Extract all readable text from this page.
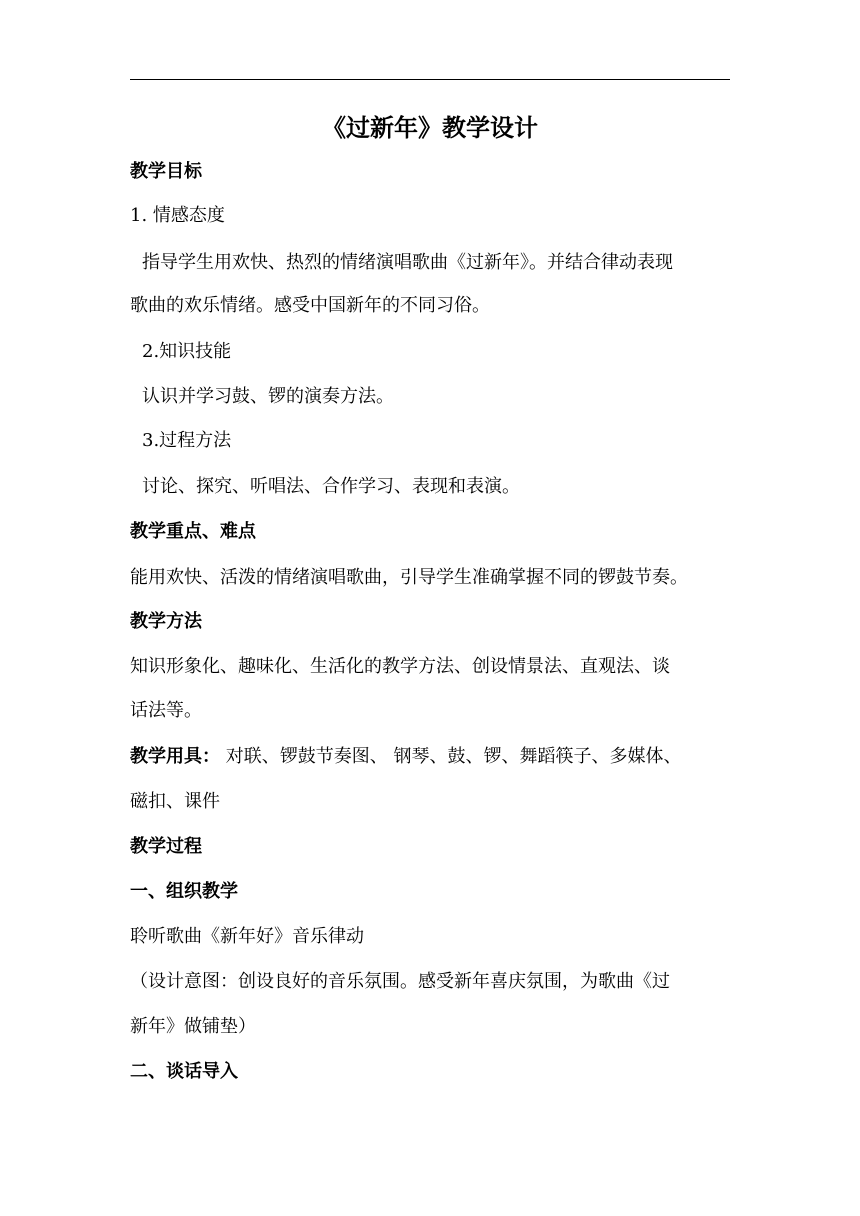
《过新年》教学设计
教学目标
1. 情感态度
指导学生用欢快、热烈的情绪演唱歌曲《过新年》。并结合律动表现
歌曲的欢乐情绪。感受中国新年的不同习俗。
2.知识技能
认识并学习鼓、锣的演奏方法。
3.过程方法
讨论、探究、听唱法、合作学习、表现和表演。
教学重点、难点
能用欢快、活泼的情绪演唱歌曲，引导学生准确掌握不同的锣鼓节奏。
教学方法
知识形象化、趣味化、生活化的教学方法、创设情景法、直观法、谈
话法等。
教学用具： 对联、锣鼓节奏图、 钢琴、鼓、锣、舞蹈筷子、多媒体、
磁扣、课件
教学过程
一、组织教学
聆听歌曲《新年好》音乐律动
（设计意图：创设良好的音乐氛围。感受新年喜庆氛围，为歌曲《过
新年》做铺垫）
二、谈话导入
